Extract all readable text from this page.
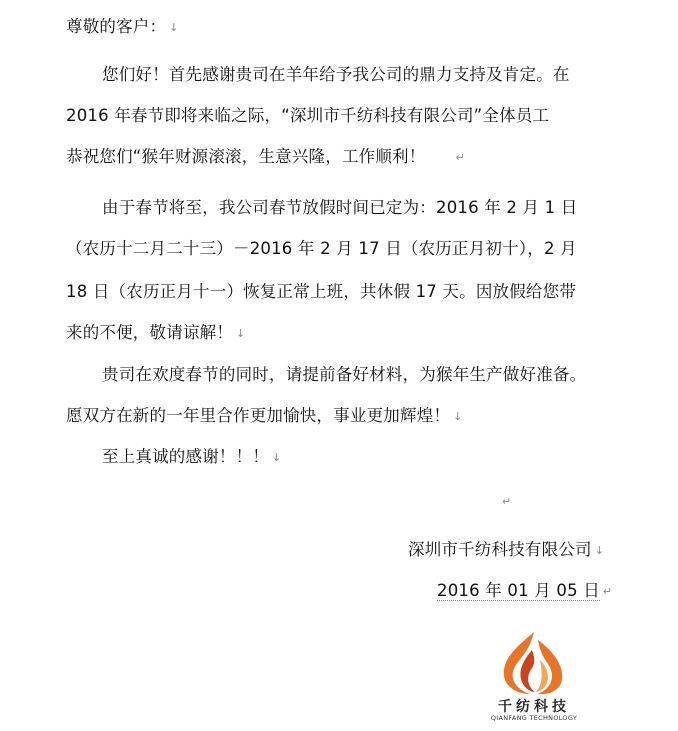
尊敬的客户： ↓
您们好！首先感谢贵司在羊年给予我公司的鼎力支持及肯定。在
2016 年春节即将来临之际，“深圳市千纺科技有限公司”全体员工
恭祝您们“猴年财源滚滚，生意兴隆，工作顺利！	↵
由于春节将至，我公司春节放假时间已定为：2016 年 2 月 1 日
（农历十二月二十三）－2016 年 2 月 17 日（农历正月初十），2 月
18 日（农历正月十一）恢复正常上班，共休假 17 天。因放假给您带
来的不便，敬请谅解！ ↓
贵司在欢度春节的同时，请提前备好材料，为猴年生产做好准备。
愿双方在新的一年里合作更加愉快，事业更加辉煌！ ↓
至上真诚的感谢！！！ ↓
↵
深圳市千纺科技有限公司 ↓
2016 年 01 月 05 日 ↵
千纺科技
QIANFANG TECHNOLOGY
